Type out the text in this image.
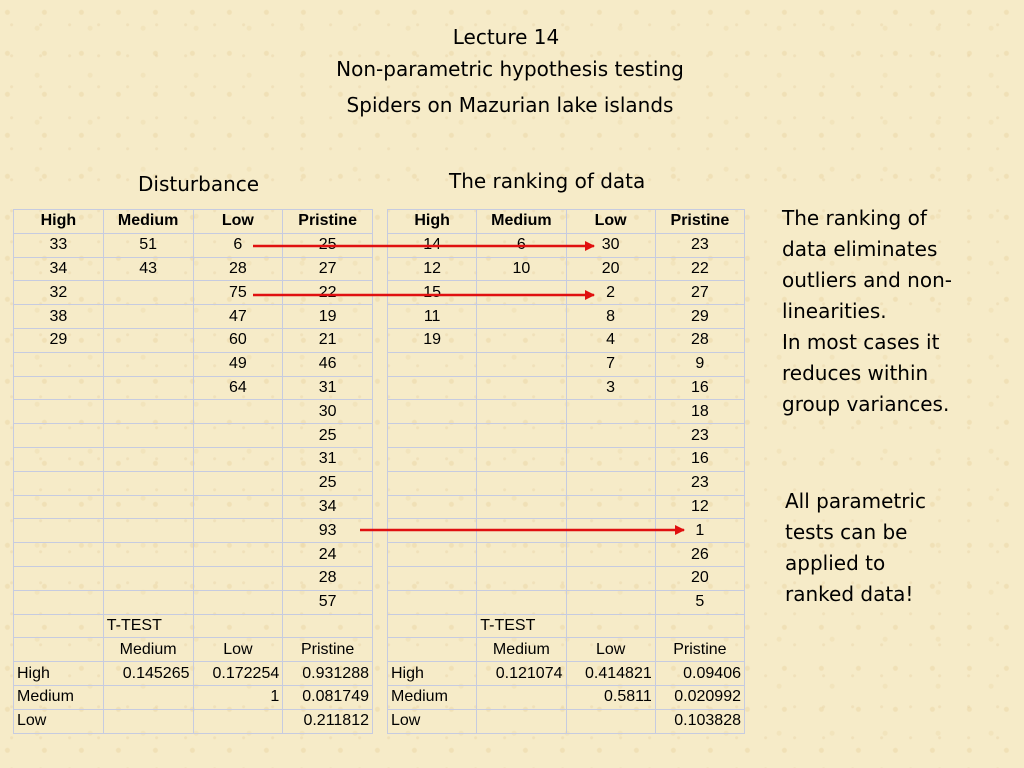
Lecture 14
Non-parametric hypothesis testing
Spiders on Mazurian lake islands
Disturbance	The ranking of data
High	Medium	Low	Pristine
33	51	6	25
34	43	28	27
32		75	22
38		47	19
29		60	21
		49	46
		64	31
			30
			25
			31
			25
			34
			93
			24
			28
			57
	T-TEST		
	Medium	Low	Pristine
High	0.145265	0.172254	0.931288
Medium		1	0.081749
Low			0.211812
High	Medium	Low	Pristine
14	6	30	23
12	10	20	22
15		2	27
11		8	29
19		4	28
		7	9
		3	16
			18
			23
			16
			23
			12
			1
			26
			20
			5
	T-TEST		
	Medium	Low	Pristine
High	0.121074	0.414821	0.09406
Medium		0.5811	0.020992
Low			0.103828
The ranking of
data eliminates
outliers and non-
linearities.
In most cases it
reduces within
group variances.
All parametric
tests can be
applied to
ranked data!
